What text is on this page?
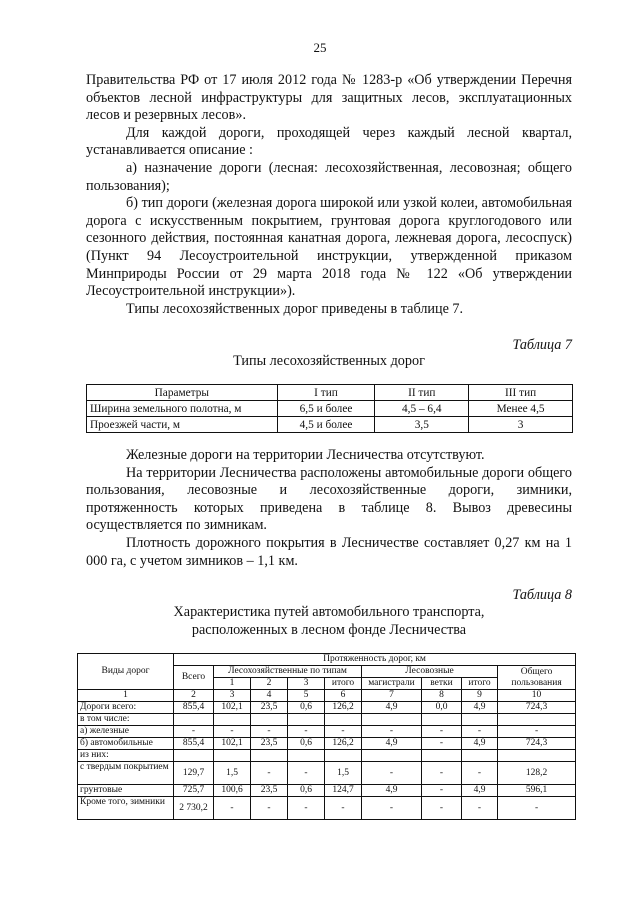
25

Правительства РФ от 17 июля 2012 года № 1283-р «Об утверждении Перечня объектов лесной инфраструктуры для защитных лесов, эксплуатационных лесов и резервных лесов».

Для каждой дороги, проходящей через каждый лесной квартал, устанавливается описание :

а) назначение дороги (лесная: лесохозяйственная, лесовозная; общего пользования);

б) тип дороги (железная дорога широкой или узкой колеи, автомобильная дорога с искусственным покрытием, грунтовая дорога круглогодового или сезонного действия, постоянная канатная дорога, лежневая дорога, лесоспуск) (Пункт 94 Лесоустроительной инструкции, утвержденной приказом Минприроды России от 29 марта 2018 года № 122 «Об утверждении Лесоустроительной инструкции»).

Типы лесохозяйственных дорог приведены в таблице 7.

Таблица 7
Типы лесохозяйственных дорог
Параметры	I тип	II тип	III тип
Ширина земельного полотна, м	6,5 и более	4,5 – 6,4	Менее 4,5
Проезжей части, м	4,5 и более	3,5	3

Железные дороги на территории Лесничества отсутствуют.

На территории Лесничества расположены автомобильные дороги общего пользования, лесовозные и лесохозяйственные дороги, зимники, протяженность которых приведена в таблице 8. Вывоз древесины осуществляется по зимникам.

Плотность дорожного покрытия в Лесничестве составляет 0,27 км на 1 000 га, с учетом зимников – 1,1 км.

Таблица 8
Характеристика путей автомобильного транспорта,
расположенных в лесном фонде Лесничества
Виды дорог	Протяженность дорог, км								
	Всего	Лесохозяйственные по типам				Лесовозные			Общего пользования
		1	2	3	итого	магистрали	ветки	итого	
1	2	3	4	5	6	7	8	9	10
Дороги всего:	855,4	102,1	23,5	0,6	126,2	4,9	0,0	4,9	724,3
в том числе:									
а) железные	-	-	-	-	-	-	-	-	-
б) автомобильные	855,4	102,1	23,5	0,6	126,2	4,9	-	4,9	724,3
из них:									
с твердым покрытием	129,7	1,5	-	-	1,5	-	-	-	128,2
грунтовые	725,7	100,6	23,5	0,6	124,7	4,9	-	4,9	596,1
Кроме того, зимники	2 730,2	-	-	-	-	-	-	-	-
